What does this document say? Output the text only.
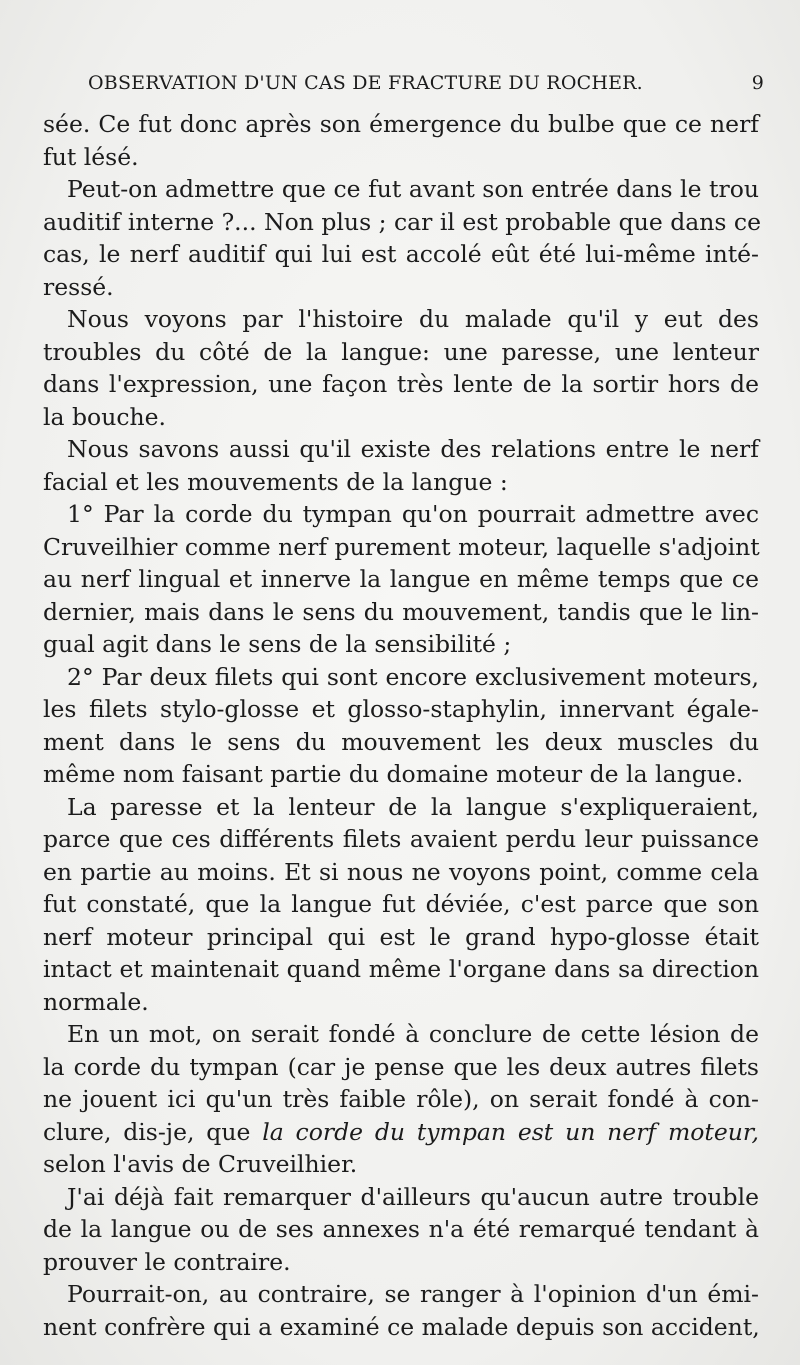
OBSERVATION D'UN CAS DE FRACTURE DU ROCHER.	9
sée. Ce fut donc après son émergence du bulbe que ce nerf
fut lésé.
Peut-on admettre que ce fut avant son entrée dans le trou
auditif interne ?... Non plus ; car il est probable que dans ce
cas, le nerf auditif qui lui est accolé eût été lui-même inté-
ressé.
Nous voyons par l'histoire du malade qu'il y eut des
troubles du côté de la langue: une paresse, une lenteur
dans l'expression, une façon très lente de la sortir hors de
la bouche.
Nous savons aussi qu'il existe des relations entre le nerf
facial et les mouvements de la langue :
1° Par la corde du tympan qu'on pourrait admettre avec
Cruveilhier comme nerf purement moteur, laquelle s'adjoint
au nerf lingual et innerve la langue en même temps que ce
dernier, mais dans le sens du mouvement, tandis que le lin-
gual agit dans le sens de la sensibilité ;
2° Par deux filets qui sont encore exclusivement moteurs,
les filets stylo-glosse et glosso-staphylin, innervant égale-
ment dans le sens du mouvement les deux muscles du
même nom faisant partie du domaine moteur de la langue.
La paresse et la lenteur de la langue s'expliqueraient,
parce que ces différents filets avaient perdu leur puissance
en partie au moins. Et si nous ne voyons point, comme cela
fut constaté, que la langue fut déviée, c'est parce que son
nerf moteur principal qui est le grand hypo-glosse était
intact et maintenait quand même l'organe dans sa direction
normale.
En un mot, on serait fondé à conclure de cette lésion de
la corde du tympan (car je pense que les deux autres filets
ne jouent ici qu'un très faible rôle), on serait fondé à con-
clure, dis-je, que la corde du tympan est un nerf moteur,
selon l'avis de Cruveilhier.
J'ai déjà fait remarquer d'ailleurs qu'aucun autre trouble
de la langue ou de ses annexes n'a été remarqué tendant à
prouver le contraire.
Pourrait-on, au contraire, se ranger à l'opinion d'un émi-
nent confrère qui a examiné ce malade depuis son accident,
